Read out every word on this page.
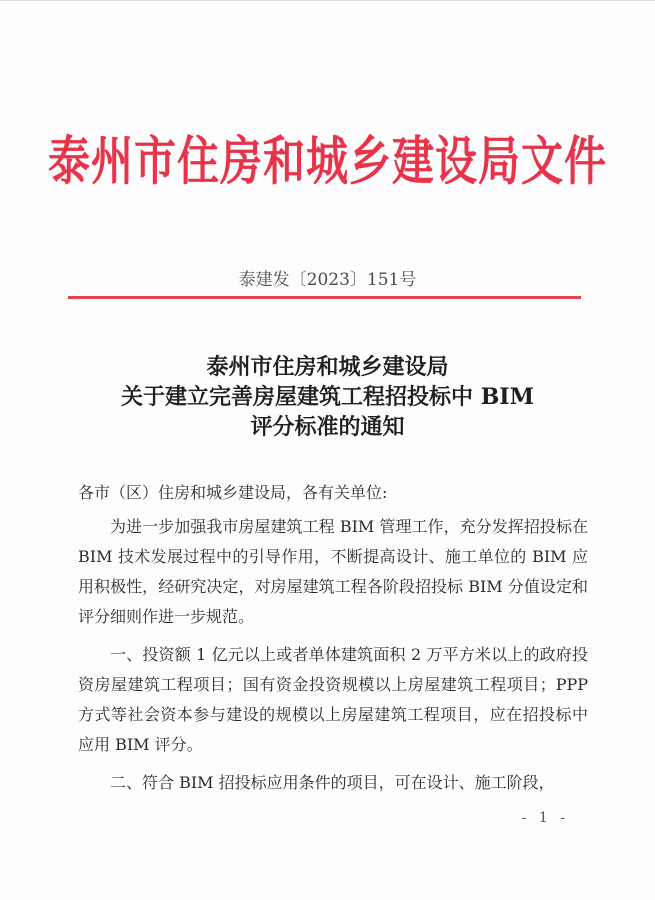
泰州市住房和城乡建设局文件
泰建发〔2023〕151号
泰州市住房和城乡建设局
关于建立完善房屋建筑工程招投标中 BIM
评分标准的通知

各市（区）住房和城乡建设局，各有关单位:

为进一步加强我市房屋建筑工程 BIM 管理工作，充分发挥招投标在 BIM 技术发展过程中的引导作用，不断提高设计、施工单位的 BIM 应用积极性，经研究决定，对房屋建筑工程各阶段招投标 BIM 分值设定和评分细则作进一步规范。

一、投资额 1 亿元以上或者单体建筑面积 2 万平方米以上的政府投资房屋建筑工程项目；国有资金投资规模以上房屋建筑工程项目；PPP 方式等社会资本参与建设的规模以上房屋建筑工程项目，应在招投标中应用 BIM 评分。

二、符合 BIM 招投标应用条件的项目，可在设计、施工阶段，

- 1 -
